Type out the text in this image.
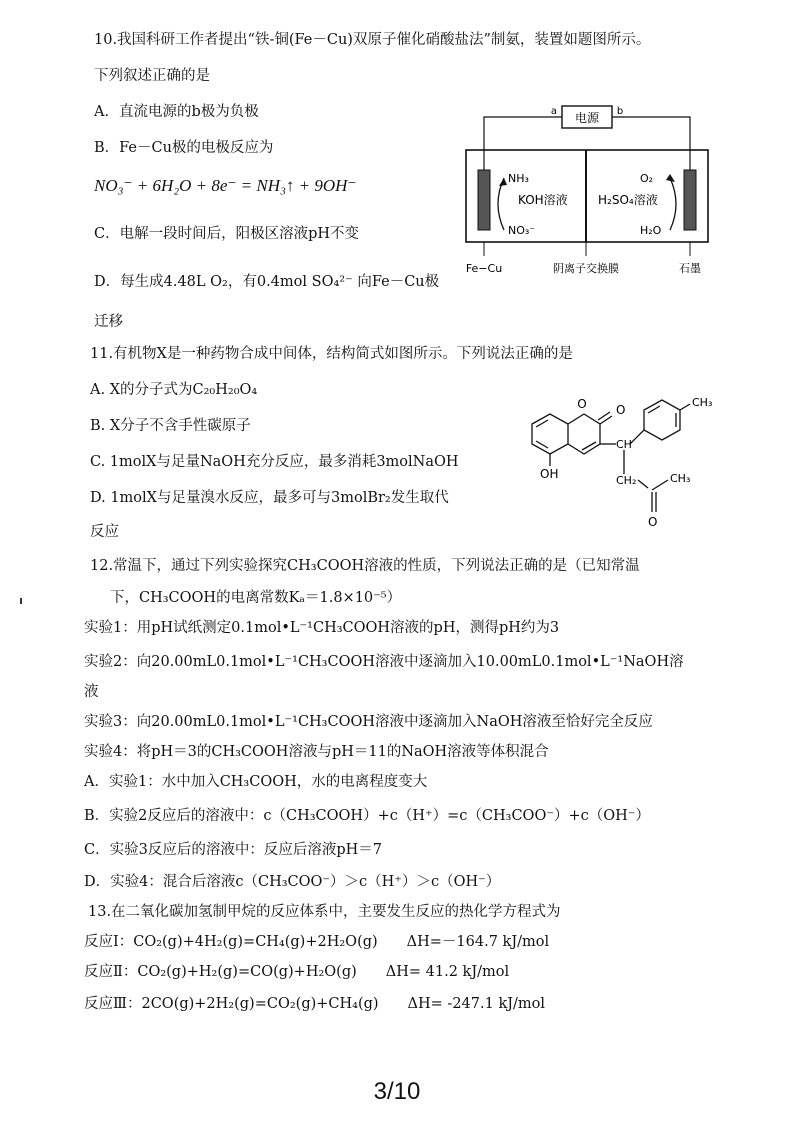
10.我国科研工作者提出“铁-铜(Fe－Cu)双原子催化硝酸盐法”制氨，装置如题图所示。
下列叙述正确的是
A．直流电源的b极为负极
B．Fe－Cu极的电极反应为
NO₃⁻ + 6H₂O + 8e⁻ = NH₃↑ + 9OH⁻
C．电解一段时间后，阳极区溶液pH不变
D．每生成4.48L O₂，有0.4mol SO₄²⁻ 向Fe－Cu极
迁移
电源
a	b
NH₃
KOH溶液
NO₃⁻
O₂
H₂SO₄溶液
H₂O
Fe−Cu	阴离子交换膜	石墨
11.有机物X是一种药物合成中间体，结构简式如图所示。下列说法正确的是
A. X的分子式为C₂₀H₂₀O₄
B. X分子不含手性碳原子
C. 1molX与足量NaOH充分反应，最多消耗3molNaOH
D. 1molX与足量溴水反应，最多可与3molBr₂发生取代
反应
O O
CH₃
CH
OH	CH₂	CH₃
O
12.常温下，通过下列实验探究CH₃COOH溶液的性质，下列说法正确的是（已知常温
下，CH₃COOH的电离常数Kₐ＝1.8×10⁻⁵）
实验1：用pH试纸测定0.1mol•L⁻¹CH₃COOH溶液的pH，测得pH约为3
实验2：向20.00mL0.1mol•L⁻¹CH₃COOH溶液中逐滴加入10.00mL0.1mol•L⁻¹NaOH溶
液
实验3：向20.00mL0.1mol•L⁻¹CH₃COOH溶液中逐滴加入NaOH溶液至恰好完全反应
实验4：将pH＝3的CH₃COOH溶液与pH＝11的NaOH溶液等体积混合
A．实验1：水中加入CH₃COOH，水的电离程度变大
B．实验2反应后的溶液中：c（CH₃COOH）+c（H⁺）=c（CH₃COO⁻）+c（OH⁻）
C．实验3反应后的溶液中：反应后溶液pH＝7
D．实验4：混合后溶液c（CH₃COO⁻）＞c（H⁺）＞c（OH⁻）
13.在二氧化碳加氢制甲烷的反应体系中，主要发生反应的热化学方程式为
反应Ⅰ：CO₂(g)+4H₂(g)=CH₄(g)+2H₂O(g)　　ΔH=－164.7 kJ/mol
反应Ⅱ：CO₂(g)+H₂(g)=CO(g)+H₂O(g)　　ΔH= 41.2 kJ/mol
反应Ⅲ：2CO(g)+2H₂(g)=CO₂(g)+CH₄(g)　　ΔH= -247.1 kJ/mol
3/10
